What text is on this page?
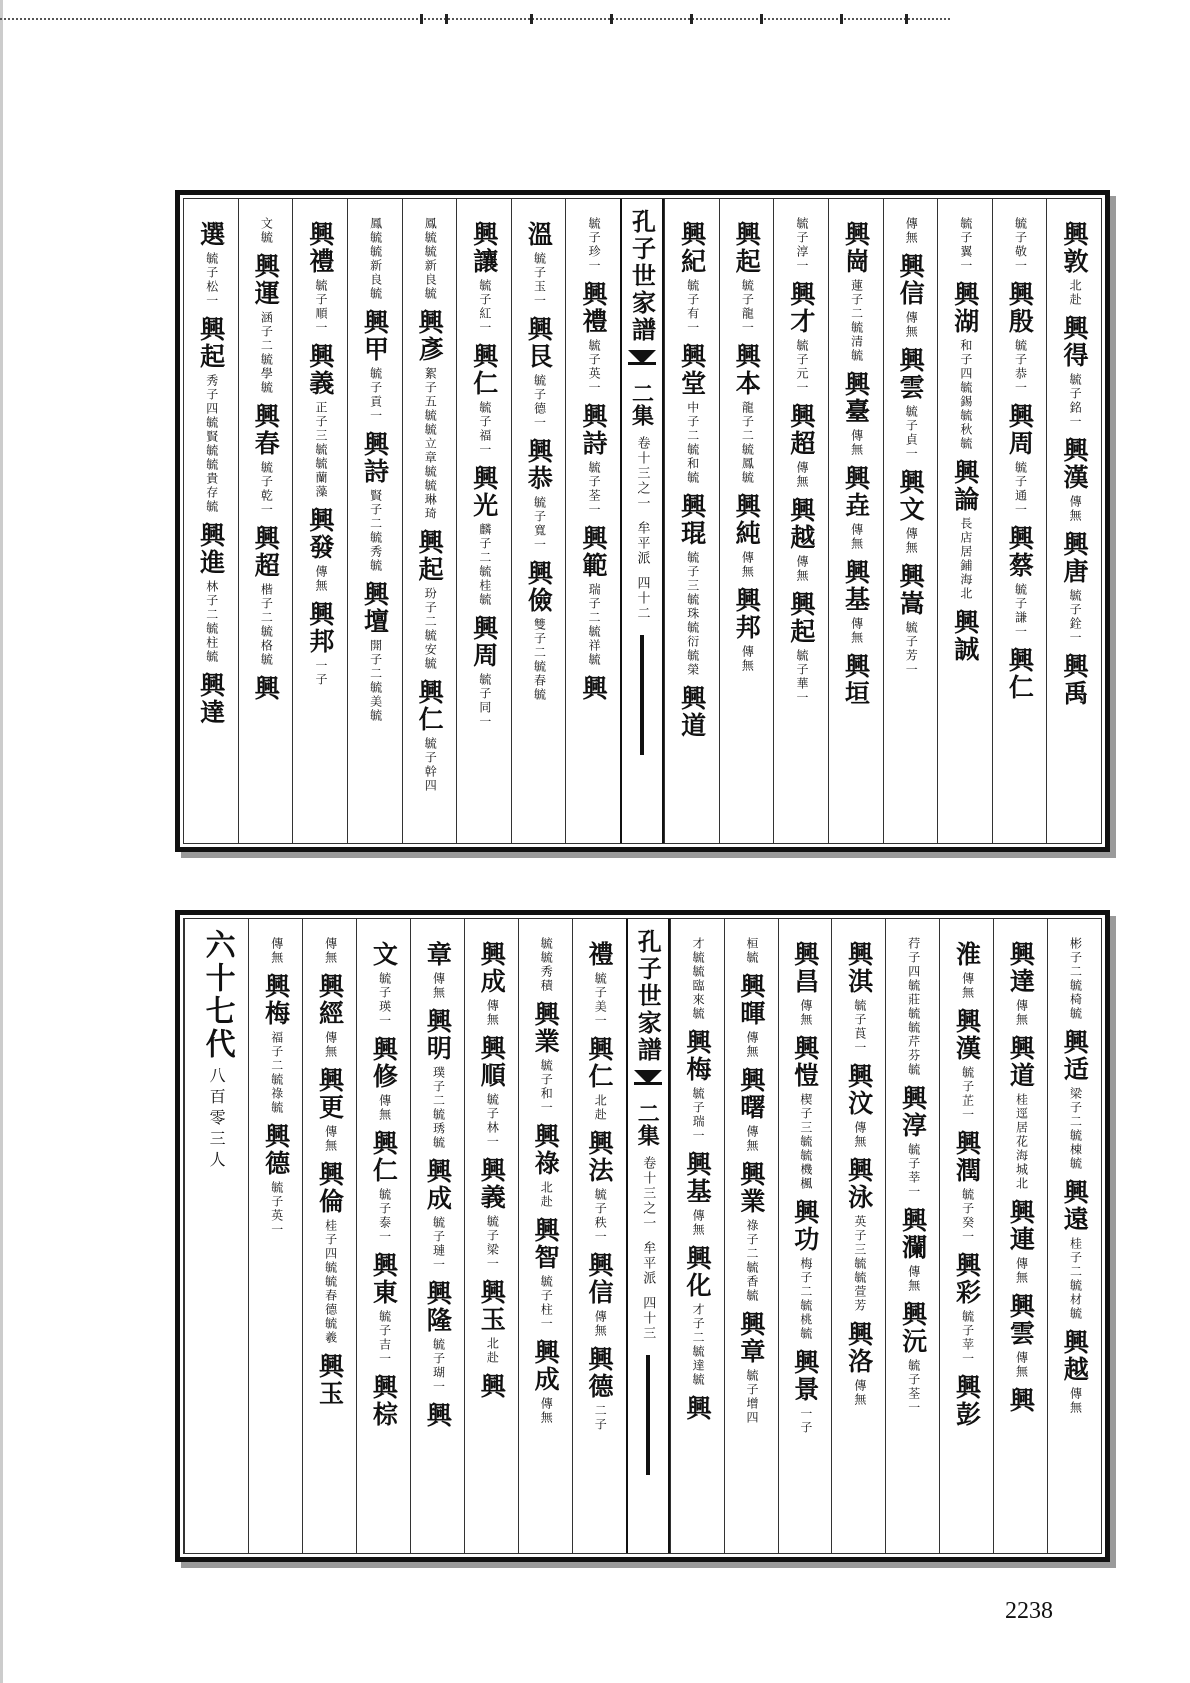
興敦
北赴
興得
毓子銘一
興漢
傳無
興唐
毓子銓一
興禹
毓子敬一
興殷
毓子恭一
興周
毓子通一
興蔡
毓子謙一
興仁
毓子翼一
興湖
和子四毓錫毓秋毓
興論
長店居鋪海北
興誠
傳無
興信
傳無
興雲
毓子貞一
興文
傳無
興嵩
毓子芳一
興崗
蓮子二毓清毓
興臺
傳無
興垚
傳無
興基
傳無
興垣
毓子淳一
興才
毓子元一
興超
傳無
興越
傳無
興起
毓子華一
興起
毓子龍一
興本
龍子二毓鳳毓
興純
傳無
興邦
傳無
興紀
毓子有一
興堂
中子二毓和毓
興琨
毓子三毓珠毓衍毓榮
興道
孔子世家譜
二集
卷十三之一
牟平派
四十二
毓子珍一
興禮
毓子英一
興詩
毓子荃一
興範
瑞子二毓祥毓
興
溫
毓子玉一
興艮
毓子德一
興恭
毓子寬一
興儉
雙子二毓春毓
興讓
毓子紅一
興仁
毓子福一
興光
麟子二毓桂毓
興周
毓子同一
鳳毓毓新良毓
興彥
絮子五毓毓立章毓毓琳琦
興起
玢子二毓安毓
興仁
毓子幹四
鳳毓毓新良毓
興甲
毓子貢一
興詩
賢子二毓秀毓
興壇
開子二毓美毓
興禮
毓子順一
興義
正子三毓毓蘭藻
興發
傳無
興邦
一子
文毓
興運
涵子二毓學毓
興春
毓子乾一
興超
楷子二毓格毓
興
選
毓子松一
興起
秀子四毓賢毓毓貴存毓
興進
林子二毓柱毓
興達
彬子二毓椅毓
興适
梁子二毓棟毓
興遠
桂子二毓材毓
興越
傳無
興達
傳無
興道
桂逕居花海城北
興連
傳無
興雲
傳無
興
淮
傳無
興漢
毓子芷一
興潤
毓子癸一
興彩
毓子苹一
興彭
荇子四毓莊毓毓芹芬毓
興淳
毓子莘一
興瀾
傳無
興沅
毓子荃一
興淇
毓子莨一
興汶
傳無
興泳
英子三毓毓萱芳
興洛
傳無
興昌
傳無
興愷
楔子三毓毓機楓
興功
梅子二毓桃毓
興景
一子
桓毓
興暉
傳無
興曙
傳無
興業
祿子二毓香毓
興章
毓子增四
才毓毓臨來毓
興梅
毓子瑞一
興基
傳無
興化
才子二毓達毓
興
孔子世家譜
二集
卷十三之一
牟平派
四十三
禮
毓子美一
興仁
北赴
興法
毓子秩一
興信
傳無
興德
二子
毓毓秀積
興業
毓子和一
興祿
北赴
興智
毓子柱一
興成
傳無
興成
傳無
興順
毓子林一
興義
毓子梁一
興玉
北赴
興
章
傳無
興明
璞子二毓琇毓
興成
毓子璉一
興隆
毓子瑚一
興
文
毓子瑛一
興修
傳無
興仁
毓子泰一
興東
毓子吉一
興棕
傳無
興經
傳無
興更
傳無
興倫
桂子四毓毓春德毓羲
興玉
傳無
興梅
福子二毓祿毓
興德
毓子英一
六十七代
八百零三人
2238
